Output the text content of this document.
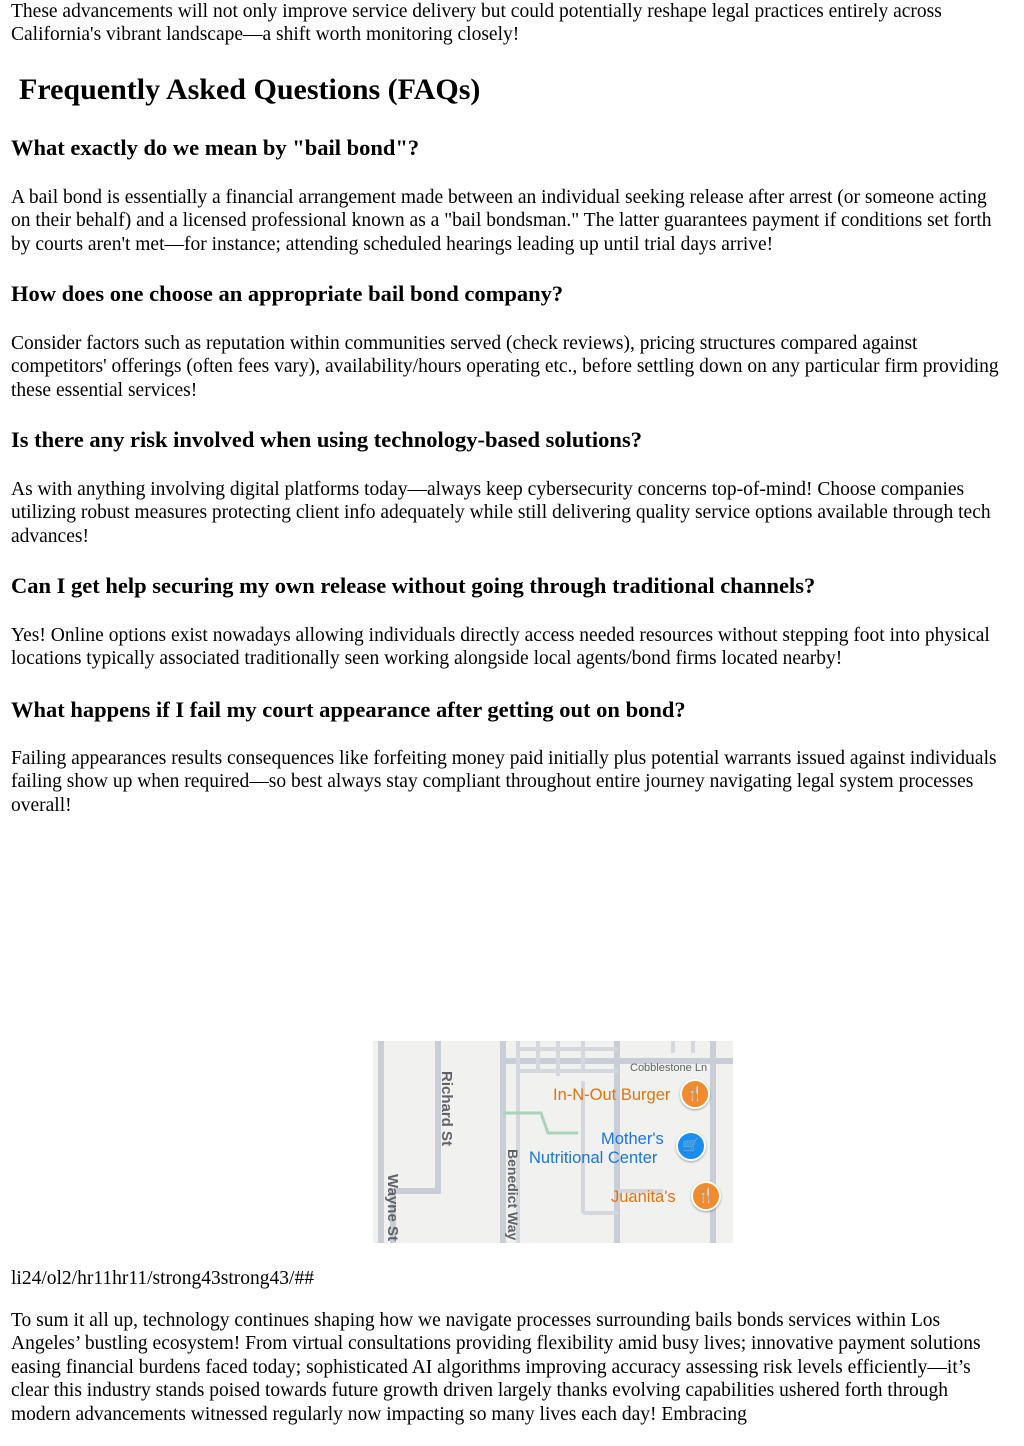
These advancements will not only improve service delivery but could potentially reshape legal practices entirely across California's vibrant landscape—a shift worth monitoring closely!

Frequently Asked Questions (FAQs)
What exactly do we mean by "bail bond"?

A bail bond is essentially a financial arrangement made between an individual seeking release after arrest (or someone acting on their behalf) and a licensed professional known as a "bail bondsman." The latter guarantees payment if conditions set forth by courts aren't met—for instance; attending scheduled hearings leading up until trial days arrive!

How does one choose an appropriate bail bond company?

Consider factors such as reputation within communities served (check reviews), pricing structures compared against competitors' offerings (often fees vary), availability/hours operating etc., before settling down on any particular firm providing these essential services!

Is there any risk involved when using technology-based solutions?

As with anything involving digital platforms today—always keep cybersecurity concerns top-of-mind! Choose companies utilizing robust measures protecting client info adequately while still delivering quality service options available through tech advances!

Can I get help securing my own release without going through traditional channels?

Yes! Online options exist nowadays allowing individuals directly access needed resources without stepping foot into physical locations typically associated traditionally seen working alongside local agents/bond firms located nearby!

What happens if I fail my court appearance after getting out on bond?

Failing appearances results consequences like forfeiting money paid initially plus potential warrants issued against individuals failing show up when required—so best always stay compliant throughout entire journey navigating legal system processes overall!

Cobblestone Ln
Richard St
Benedict Way
Wayne St
In-N-Out Burger	🍴
Mother's
Nutritional Center
🛒
Juanita's	🍴

li24/ol2/hr11hr11/strong43strong43/##

To sum it all up, technology continues shaping how we navigate processes surrounding bails bonds services within Los Angeles’ bustling ecosystem! From virtual consultations providing flexibility amid busy lives; innovative payment solutions easing financial burdens faced today; sophisticated AI algorithms improving accuracy assessing risk levels efficiently—it’s clear this industry stands poised towards future growth driven largely thanks evolving capabilities ushered forth through modern advancements witnessed regularly now impacting so many lives each day! Embracing
